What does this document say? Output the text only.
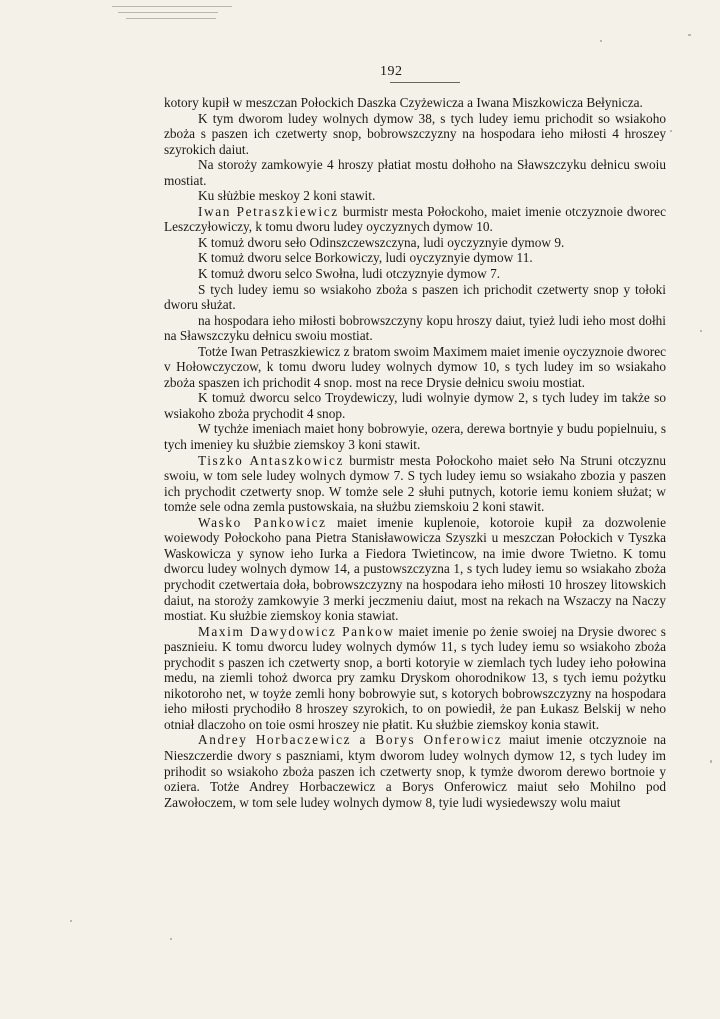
192

kotory kupił w meszczan Połockich Daszka Czyżewicza a Iwana Miszkowicza Bełynicza.

K tym dworom ludey wolnych dymow 38, s tych ludey iemu prichodit so wsiakoho zboża s paszen ich czetwerty snop, bobrowszczyzny na hospodara ieho miłosti 4 hroszey szyrokich daiut.

Na storoży zamkowyie 4 hroszy płatiat mostu dołhoho na Sławszczyku dełnicu swoiu mostiat.

Ku słu̇żbie meskoy 2 koni stawit.

Iwan Petraszkiewicz burmistr mesta Połockoho, maiet imenie otczyznoie dworec Leszczyłowiczy, k tomu dworu ludey oyczyznych dymow 10.

K tomuż dworu seło Odinszczewszczyna, ludi oyczyznyie dymow 9.

K tomuż dworu selce Borkowiczy, ludi oyczyznyie dymow 11.

K tomuż dworu selco Swołna, ludi otczyznyie dymow 7.

S tych ludey iemu so wsiakoho zboża s paszen ich prichodit czetwerty snop y tołoki dworu służat.

na hospodara ieho miłosti bobrowszczyny kopu hroszy daiut, tyież ludi ieho most dołhi na Sławszczyku dełnicu swoiu mostiat.

Totże Iwan Petraszkiewicz z bratom swoim Maximem maiet imenie oyczyznoie dworec v Hołowczyczow, k tomu dworu ludey wolnych dymow 10, s tych ludey im so wsiakaho zboża spaszen ich prichodit 4 snop. most na rece Drysie dełnicu swoiu mostiat.

K tomuż dworcu selco Troydewiczy, ludi wolnyie dymow 2, s tych ludey im także so wsiakoho zboża prychodit 4 snop.

W tychże imeniach maiet hony bobrowyie, ozera, derewa bortnyie y budu popielnuiu, s tych imeniey ku służbie ziemskoy 3 koni stawit.

Tiszko Antaszkowicz burmistr mesta Połockoho maiet seło Na Struni otczyznu swoiu, w tom sele ludey wolnych dymow 7. S tych ludey iemu so wsiakaho zbozia y paszen ich prychodit czetwerty snop. W tomże sele 2 słuhi putnych, kotorie iemu koniem służat; w tomże sele odna zemla pustowskaia, na służbu ziemskoiu 2 koni stawit.

Wasko Pankowicz maiet imenie kuplenoie, kotoroie kupił za dozwolenie woiewody Połockoho pana Pietra Stanisławowicza Szyszki u meszczan Połockich v Tyszka Waskowicza y synow ieho Iurka a Fiedora Twietincow, na imie dwore Twietno. K tomu dworcu ludey wolnych dymow 14, a pustowszczyzna 1, s tych ludey iemu so wsiakaho zboża prychodit czetwertaia doła, bobrowszczyzny na hospodara ieho miłosti 10 hroszey litowskich daiut, na storoży zamkowyie 3 merki jeczmeniu daiut, most na rekach na Wszaczy na Naczy mostiat. Ku służbie ziemskoy konia stawiat.

Maxim Dawydowicz Pankow maiet imenie po żenie swoiej na Drysie dworec s pasznieiu. K tomu dworcu ludey wolnych dymów 11, s tych ludey iemu so wsiakoho zboża prychodit s paszen ich czetwerty snop, a borti kotoryie w ziemlach tych ludey ieho połowina medu, na ziemli tohoż dworca pry zamku Dryskom ohorodnikow 13, s tych iemu pożytku nikotoroho net, w toyże zemli hony bobrowyie sut, s kotorych bobrowszczyzny na hospodara ieho miłosti prychodiło 8 hroszey szyrokich, to on powiedił, że pan Łukasz Belskij w neho otniał dlaczoho on toie osmi hroszey nie płatit. Ku służbie ziemskoy konia stawit.

Andrey Horbaczewicz a Borys Onferowicz maiut imenie otczyznoie na Nieszczerdie dwory s paszniami, ktym dworom ludey wolnych dymow 12, s tych ludey im prihodit so wsiakoho zboża paszen ich czetwerty snop, k tymże dworom derewo bortnoie y oziera. Totże Andrey Horbaczewicz a Borys Onferowicz maiut seło Mohilno pod Zawołoczem, w tom sele ludey wolnych dymow 8, tyie ludi wysiedewszy wolu maiut
